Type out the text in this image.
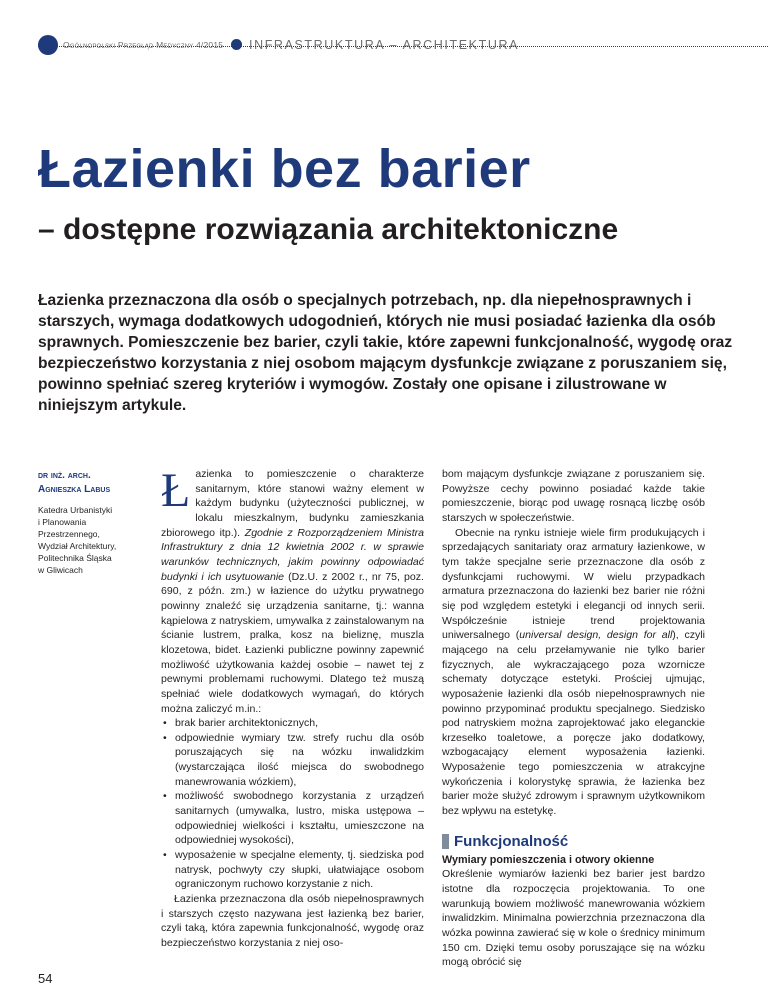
Ogólnopolski Przegląd Medyczny 4/2015 INFRASTRUKTURA – ARCHITEKTURA
Łazienki bez barier
– dostępne rozwiązania architektoniczne

Łazienka przeznaczona dla osób o specjalnych potrzebach, np. dla niepełnosprawnych i starszych, wymaga dodatkowych udogodnień, których nie musi posiadać łazienka dla osób sprawnych. Pomieszczenie bez barier, czyli takie, które zapewni funkcjonalność, wygodę oraz bezpieczeństwo korzystania z niej osobom mającym dysfunkcje związane z poruszaniem się, powinno spełniać szereg kryteriów i wymogów. Zostały one opisane i zilustrowane w niniejszym artykule.

dr inż. arch.
Agnieszka Labus

Katedra Urbanistyki
i Planowania
Przestrzennego,
Wydział Architektury,
Politechnika Śląska
w Gliwicach

Łazienka to pomieszczenie o charakterze sanitarnym, które stanowi ważny element w każdym budynku (użyteczności publicznej, w lokalu mieszkalnym, budynku zamieszkania zbiorowego itp.). Zgodnie z Rozporządzeniem Ministra Infrastruktury z dnia 12 kwietnia 2002 r. w sprawie warunków technicznych, jakim powinny odpowiadać budynki i ich usytuowanie (Dz.U. z 2002 r., nr 75, poz. 690, z późn. zm.) w łazience do użytku prywatnego powinny znaleźć się urządzenia sanitarne, tj.: wanna kąpielowa z natryskiem, umywalka z zainstalowanym na ścianie lustrem, pralka, kosz na bieliznę, muszla klozetowa, bidet. Łazienki publiczne powinny zapewnić możliwość użytkowania każdej osobie – nawet tej z pewnymi problemami ruchowymi. Dlatego też muszą spełniać wiele dodatkowych wymagań, do których można zaliczyć m.in.:

• brak barier architektonicznych,
• odpowiednie wymiary tzw. strefy ruchu dla osób poruszających się na wózku inwalidzkim (wystarczająca ilość miejsca do swobodnego manewrowania wózkiem),
• możliwość swobodnego korzystania z urządzeń sanitarnych (umywalka, lustro, miska ustępowa – odpowiedniej wielkości i kształtu, umieszczone na odpowiedniej wysokości),
• wyposażenie w specjalne elementy, tj. siedziska pod natrysk, pochwyty czy słupki, ułatwiające osobom ograniczonym ruchowo korzystanie z nich.

Łazienka przeznaczona dla osób niepełnosprawnych i starszych często nazywana jest łazienką bez barier, czyli taką, która zapewnia funkcjonalność, wygodę oraz bezpieczeństwo korzystania z niej oso-

bom mającym dysfunkcje związane z poruszaniem się. Powyższe cechy powinno posiadać każde takie pomieszczenie, biorąc pod uwagę rosnącą liczbę osób starszych w społeczeństwie.

Obecnie na rynku istnieje wiele firm produkujących i sprzedających sanitariaty oraz armatury łazienkowe, w tym także specjalne serie przeznaczone dla osób z dysfunkcjami ruchowymi. W wielu przypadkach armatura przeznaczona do łazienki bez barier nie różni się pod względem estetyki i elegancji od innych serii. Współcześnie istnieje trend projektowania uniwersalnego (universal design, design for all), czyli mającego na celu przełamywanie nie tylko barier fizycznych, ale wykraczającego poza wzornicze schematy dotyczące estetyki. Prościej ujmując, wyposażenie łazienki dla osób niepełnosprawnych nie powinno przypominać produktu specjalnego. Siedzisko pod natryskiem można zaprojektować jako eleganckie krzesełko toaletowe, a poręcze jako dodatkowy, wzbogacający element wyposażenia łazienki. Wyposażenie tego pomieszczenia w atrakcyjne wykończenia i kolorystykę sprawia, że łazienka bez barier może służyć zdrowym i sprawnym użytkownikom bez wpływu na estetykę.

Funkcjonalność
Wymiary pomieszczenia i otwory okienne

Określenie wymiarów łazienki bez barier jest bardzo istotne dla rozpoczęcia projektowania. To one warunkują bowiem możliwość manewrowania wózkiem inwalidzkim. Minimalna powierzchnia przeznaczona dla wózka powinna zawierać się w kole o średnicy minimum 150 cm. Dzięki temu osoby poruszające się na wózku mogą obrócić się

54
